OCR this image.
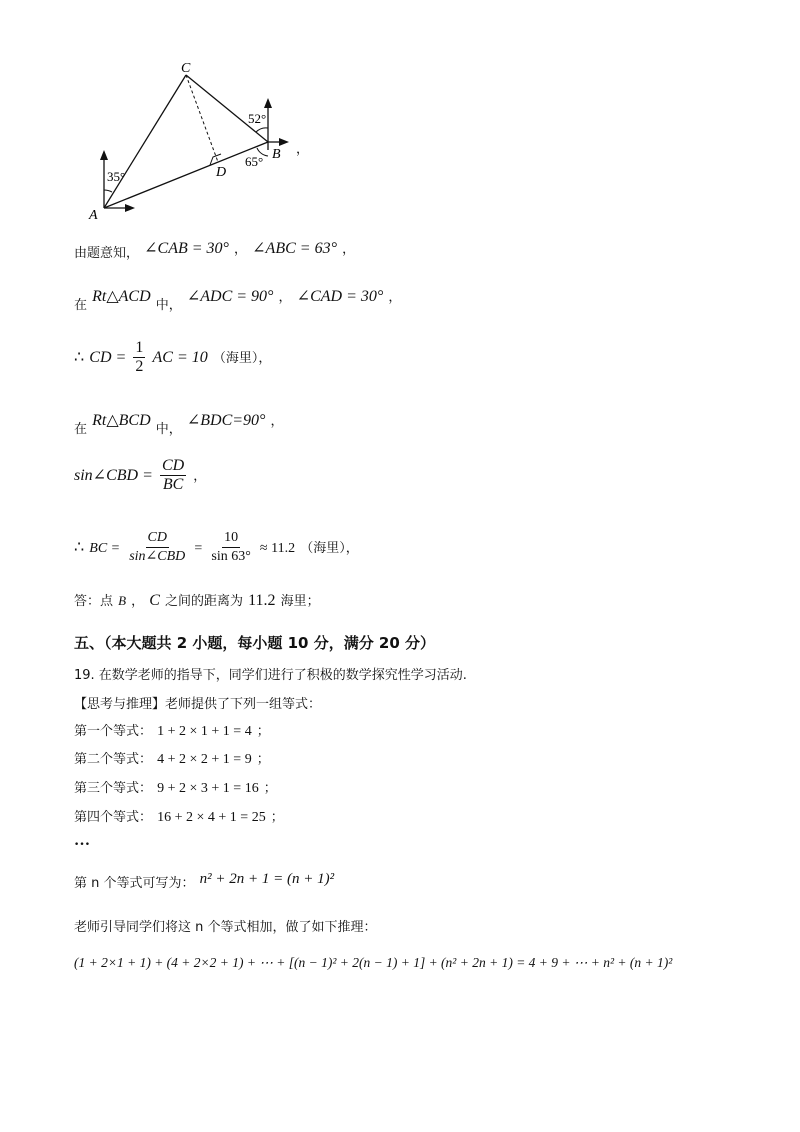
C
D
B
A
35°
52°
65°
，
$_{由题意知,}$ ∠CAB = 30° ， ∠ABC = 63° ，
$_在$ Rt△ACD $_{中,}$ ∠ADC = 90° ， ∠CAD = 30° ，
∴ CD = $\frac{1}{2}$ AC = 10 （海里），
$_在$ Rt△BCD $_{中,}$ ∠BDC=90° ，
sin∠CBD = $\frac{CD}{BC}$ ，
∴ BC = $\frac{CD}{\text{sin∠CBD}} = \frac{10}{\sin 63^\circ} \approx 11.2$ （海里），
答：点 B ， C 之间的距离为 11.2 海里；
五、（本大题共 2 小题，每小题 10 分，满分 20 分）
19. 在数学老师的指导下，同学们进行了积极的数学探究性学习活动.
【思考与推理】老师提供了下列一组等式：
第一个等式： 1 + 2 × 1 + 1 = 4 ；
第二个等式： 4 + 2 × 2 + 1 = 9 ；
第三个等式： 9 + 2 × 3 + 1 = 16 ；
第四个等式： 16 + 2 × 4 + 1 = 25 ；
…
$_{第 n 个等式可写为:}$ n² + 2n + 1 = (n + 1)²
老师引导同学们将这 n 个等式相加，做了如下推理：
(1 + 2×1 + 1) + (4 + 2×2 + 1) + ⋯ + [(n − 1)² + 2(n − 1) + 1] + (n² + 2n + 1) = 4 + 9 + ⋯ + n² + (n + 1)²
